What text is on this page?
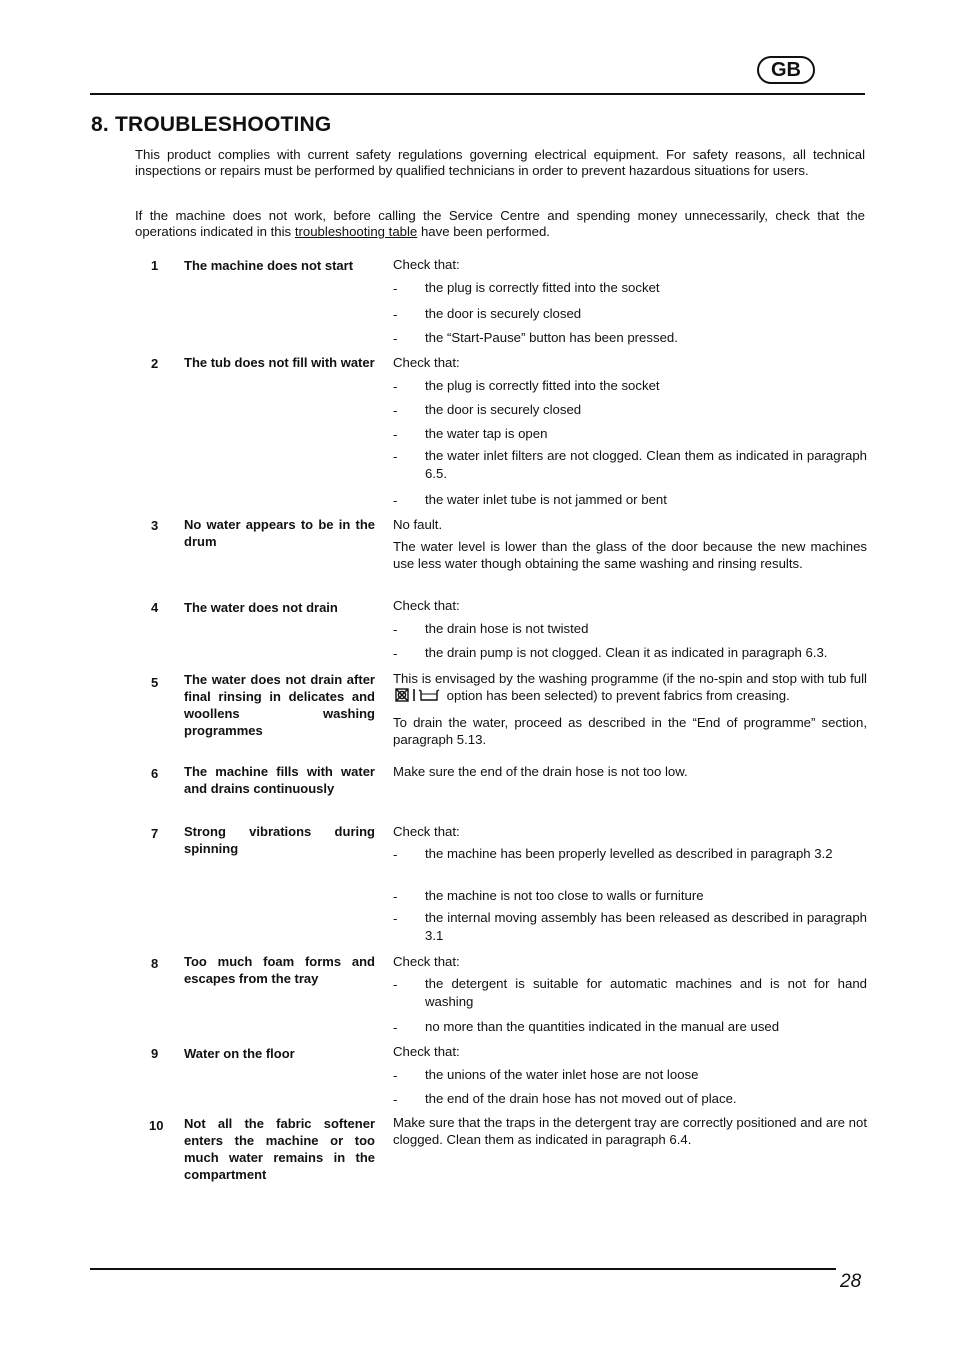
GB
8. TROUBLESHOOTING

This product complies with current safety regulations governing electrical equipment. For safety reasons, all technical inspections or repairs must be performed by qualified technicians in order to prevent hazardous situations for users.

If the machine does not work, before calling the Service Centre and spending money unnecessarily, check that the operations indicated in this troubleshooting table have been performed.

1 The machine does not start	Check that:
- the plug is correctly fitted into the socket
- the door is securely closed
- the “Start-Pause” button has been pressed.
2 The tub does not fill with water Check that:
- the plug is correctly fitted into the socket
- the door is securely closed
- the water tap is open
- the water inlet filters are not clogged. Clean them as indicated in paragraph 6.5.
- the water inlet tube is not jammed or bent
3 No water appears to be in the drum
No fault.
The water level is lower than the glass of the door because the new machines use less water though obtaining the same washing and rinsing results.
4 The water does not drain	Check that:
- the drain hose is not twisted
- the drain pump is not clogged. Clean it as indicated in paragraph 6.3.
5 The water does not drain after final rinsing in delicates and woollens washing programmes
This is envisaged by the washing programme (if the no-spin and stop with tub full  option has been selected) to prevent fabrics from creasing.
To drain the water, proceed as described in the “End of programme” section, paragraph 5.13.
6 The machine fills with water and drains continuously
Make sure the end of the drain hose is not too low.
7 Strong vibrations during spinning
Check that:
- the machine has been properly levelled as described in paragraph 3.2
- the machine is not too close to walls or furniture
- the internal moving assembly has been released as described in paragraph 3.1
8 Too much foam forms and escapes from the tray
Check that:
- the detergent is suitable for automatic machines and is not for hand washing
- no more than the quantities indicated in the manual are used
9 Water on the floor	Check that:
- the unions of the water inlet hose are not loose
- the end of the drain hose has not moved out of place.
10 Not all the fabric softener enters the machine or too much water remains in the compartment
Make sure that the traps in the detergent tray are correctly positioned and are not clogged. Clean them as indicated in paragraph 6.4.
28
